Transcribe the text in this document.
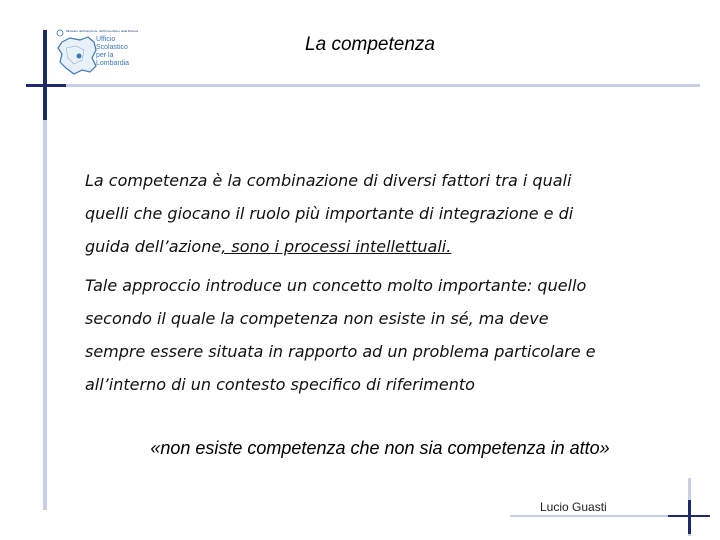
Ministero dell'Istruzione, dell'Università e della Ricerca
Ufficio
Scolastico
per la
Lombardia
La competenza

La competenza è la combinazione di diversi fattori tra i quali
quelli che giocano il ruolo più importante di integrazione e di
guida dell’azione, sono i processi intellettuali.

Tale approccio introduce un concetto molto importante: quello
secondo il quale la competenza non esiste in sé, ma deve
sempre essere situata in rapporto ad un problema particolare e
all’interno di un contesto specifico di riferimento

«non esiste competenza che non sia competenza in atto»

Lucio Guasti
